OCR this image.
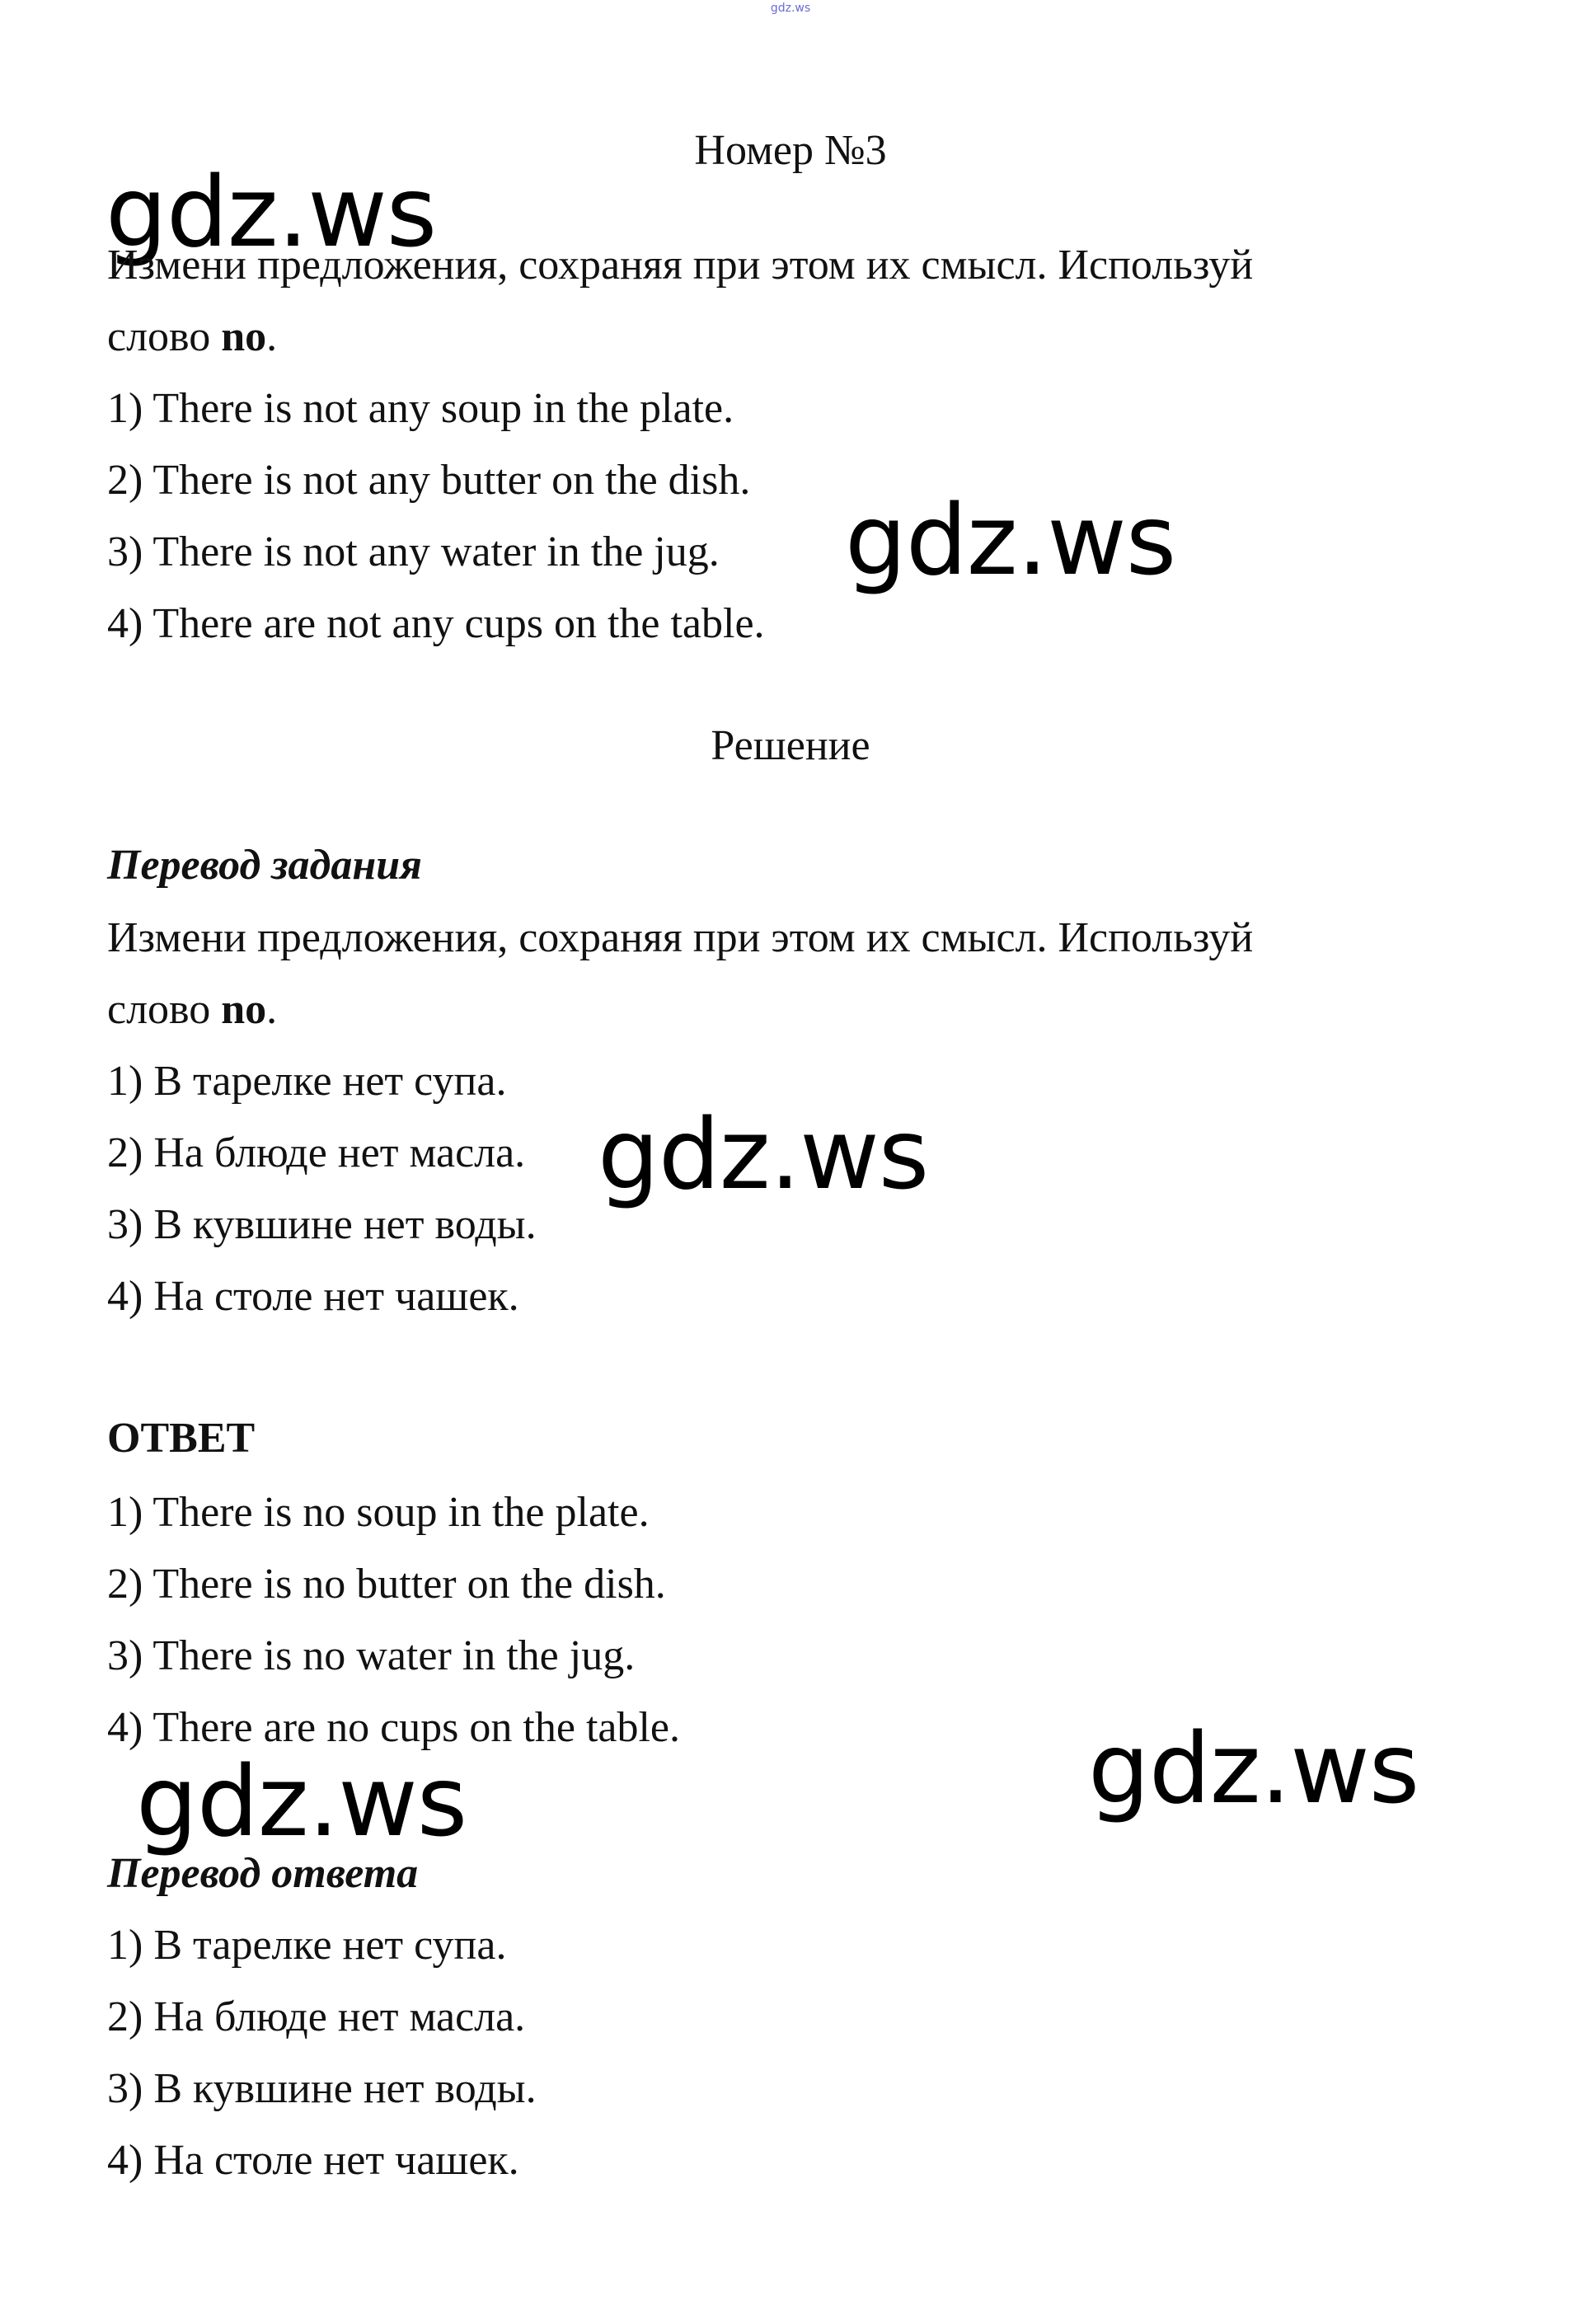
gdz.ws
Номер №3
gdz.ws
Измени предложения, сохраняя при этом их смысл. Используй
слово no.
1) There is not any soup in the plate.
2) There is not any butter on the dish.
3) There is not any water in the jug.
4) There are not any cups on the table.
gdz.ws
Решение
Перевод задания
Измени предложения, сохраняя при этом их смысл. Используй
слово no.
1) В тарелке нет супа.
2) На блюде нет масла.
3) В кувшине нет воды.
4) На столе нет чашек.
gdz.ws
ОТВЕТ
1) There is no soup in the plate.
2) There is no butter on the dish.
3) There is no water in the jug.
4) There are no cups on the table.	gdz.ws
gdz.ws
Перевод ответа
1) В тарелке нет супа.
2) На блюде нет масла.
3) В кувшине нет воды.
4) На столе нет чашек.
